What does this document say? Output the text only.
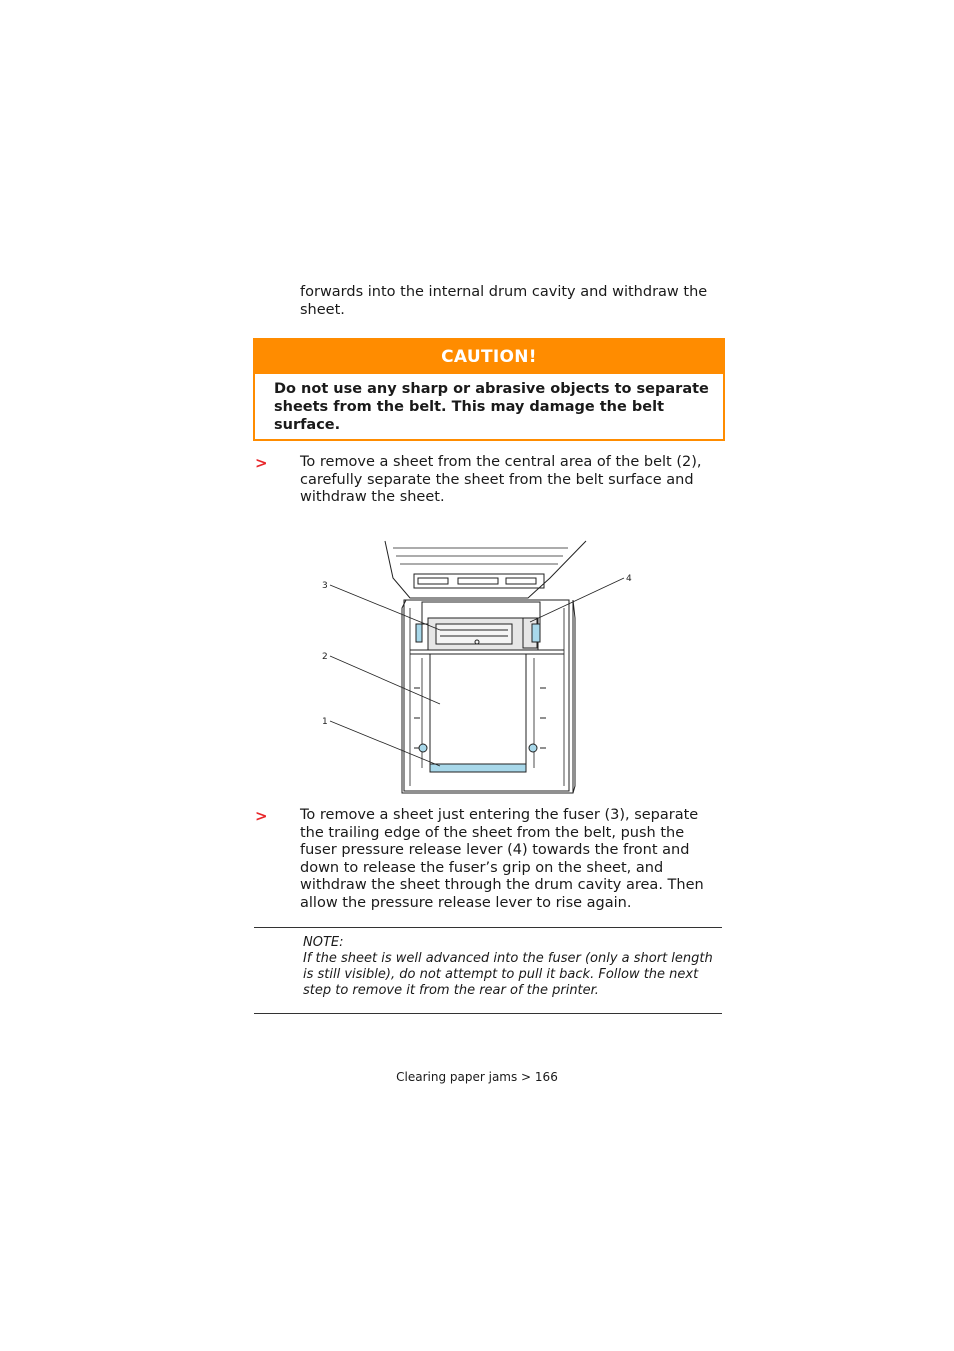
forwards into the internal drum cavity and withdraw the sheet.
CAUTION!
Do not use any sharp or abrasive objects to separate sheets from the belt. This may damage the belt surface.
> To remove a sheet from the central area of the belt (2), carefully separate the sheet from the belt surface and withdraw the sheet.
3
2
1
4
> To remove a sheet just entering the fuser (3), separate the trailing edge of the sheet from the belt, push the fuser pressure release lever (4) towards the front and down to release the fuser’s grip on the sheet, and withdraw the sheet through the drum cavity area. Then allow the pressure release lever to rise again.
NOTE:
If the sheet is well advanced into the fuser (only a short length is still visible), do not attempt to pull it back. Follow the next step to remove it from the rear of the printer.
Clearing paper jams > 166
